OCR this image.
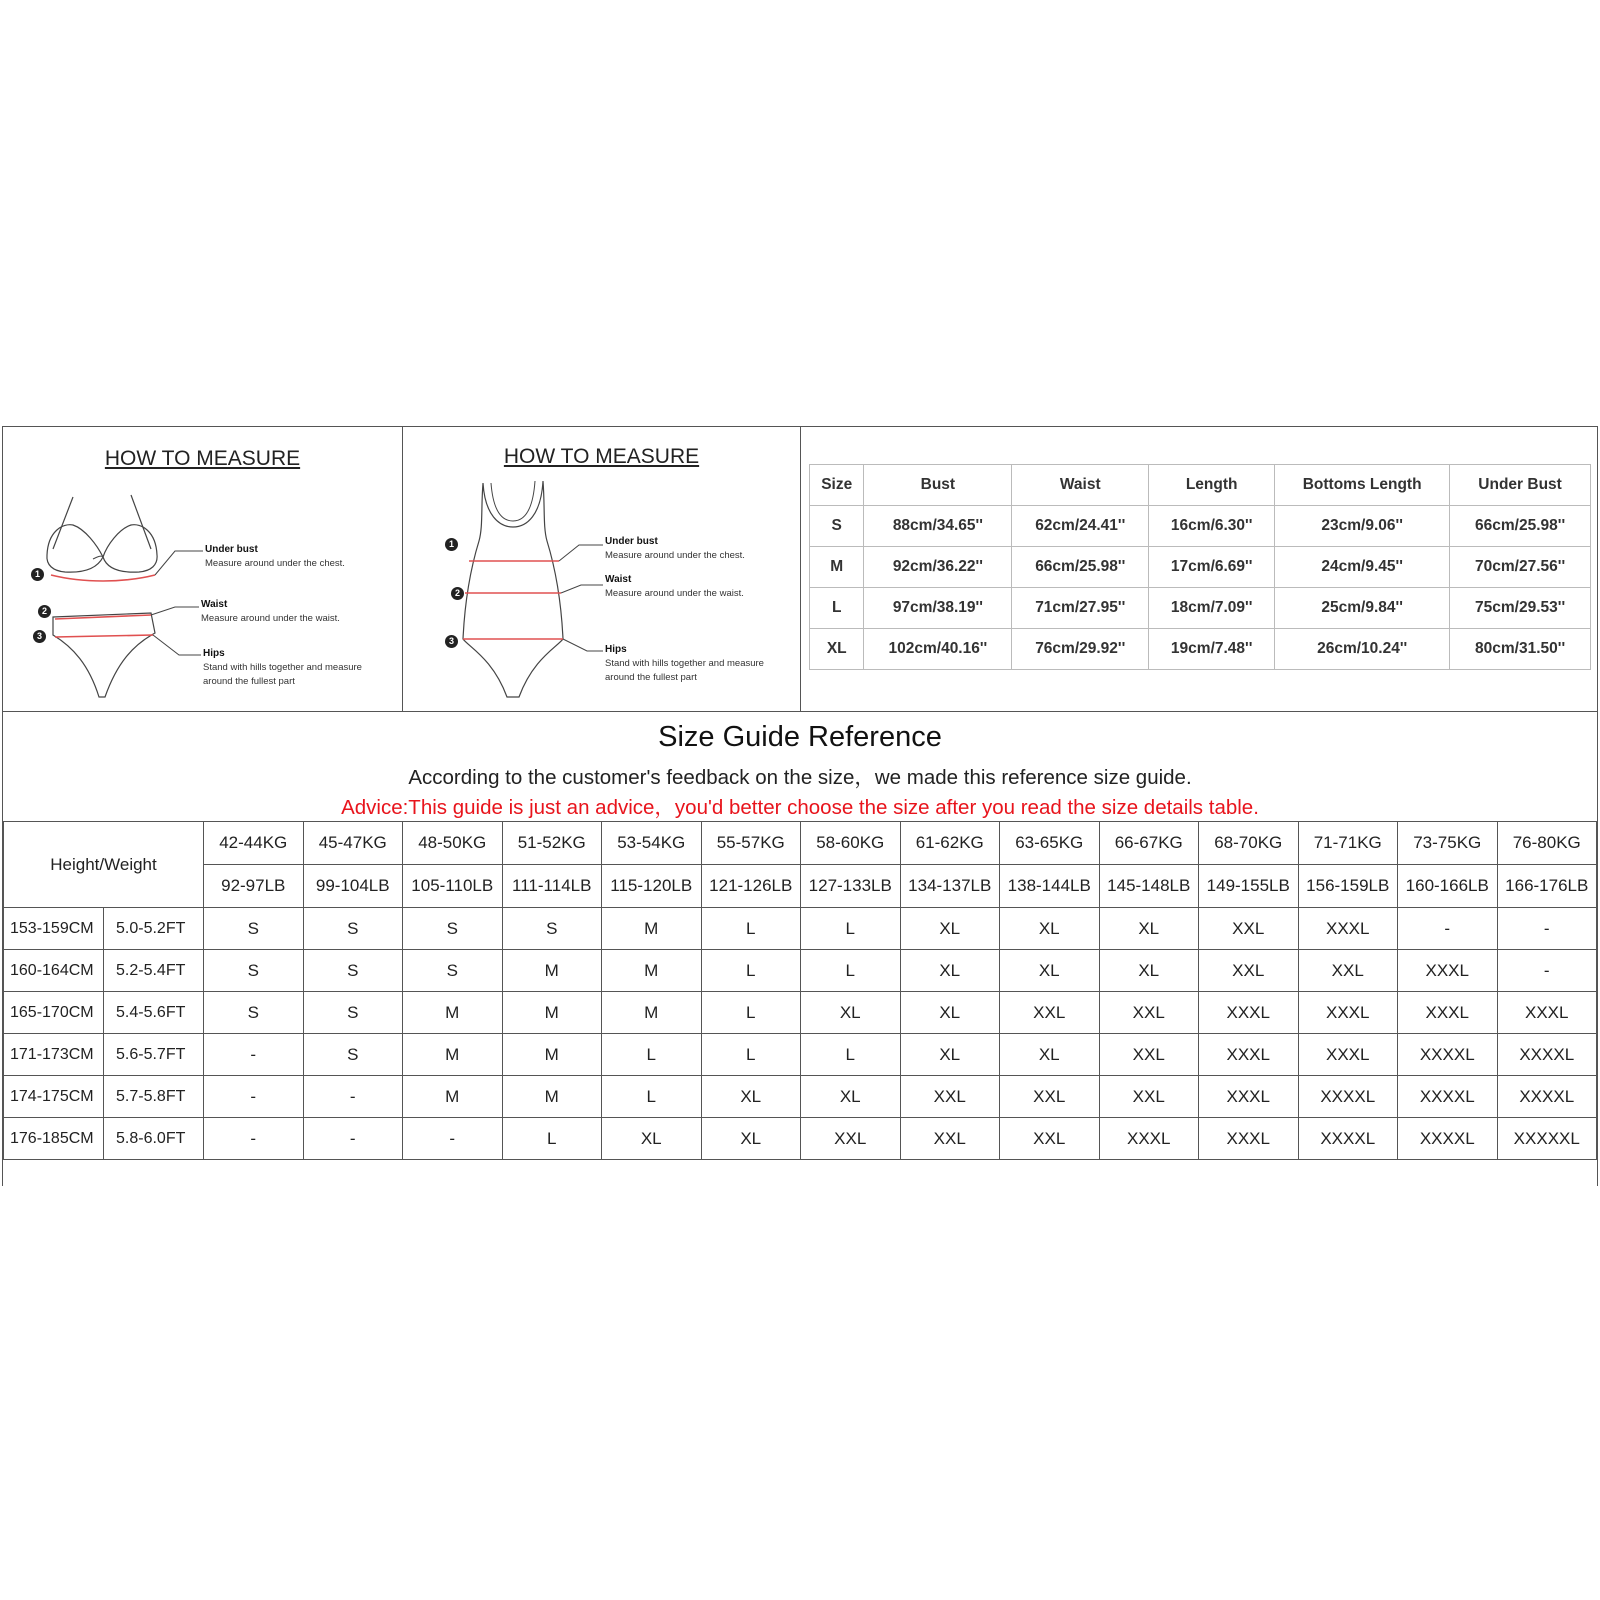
HOW TO MEASURE
1
2
3
Under bust
Measure around under the chest.
Waist
Measure around under the waist.
Hips
Stand with hills together and measure
around the fullest part
HOW TO MEASURE
1
2
3
Under bust
Measure around under the chest.
Waist
Measure around under the waist.
Hips
Stand with hills together and measure
around the fullest part
Size	Bust	Waist	Length	Bottoms Length	Under Bust
S	88cm/34.65''	62cm/24.41''	16cm/6.30''	23cm/9.06''	66cm/25.98''
M	92cm/36.22''	66cm/25.98''	17cm/6.69''	24cm/9.45''	70cm/27.56''
L	97cm/38.19''	71cm/27.95''	18cm/7.09''	25cm/9.84''	75cm/29.53''
XL	102cm/40.16''	76cm/29.92''	19cm/7.48''	26cm/10.24''	80cm/31.50''
Size Guide Reference
According to the customer's feedback on the size，we made this reference size guide.
Advice:This guide is just an advice，you'd better choose the size after you read the size details table.
Height/Weight		42-44KG	45-47KG	48-50KG	51-52KG	53-54KG	55-57KG	58-60KG	61-62KG	63-65KG	66-67KG	68-70KG	71-71KG	73-75KG	76-80KG
		92-97LB	99-104LB	105-110LB	111-114LB	115-120LB	121-126LB	127-133LB	134-137LB	138-144LB	145-148LB	149-155LB	156-159LB	160-166LB	166-176LB
153-159CM	5.0-5.2FT	S	S	S	S	M	L	L	XL	XL	XL	XXL	XXXL	-	-
160-164CM	5.2-5.4FT	S	S	S	M	M	L	L	XL	XL	XL	XXL	XXL	XXXL	-
165-170CM	5.4-5.6FT	S	S	M	M	M	L	XL	XL	XXL	XXL	XXXL	XXXL	XXXL	XXXL
171-173CM	5.6-5.7FT	-	S	M	M	L	L	L	XL	XL	XXL	XXXL	XXXL	XXXXL	XXXXL
174-175CM	5.7-5.8FT	-	-	M	M	L	XL	XL	XXL	XXL	XXL	XXXL	XXXXL	XXXXL	XXXXL
176-185CM	5.8-6.0FT	-	-	-	L	XL	XL	XXL	XXL	XXL	XXXL	XXXL	XXXXL	XXXXL	XXXXXL
